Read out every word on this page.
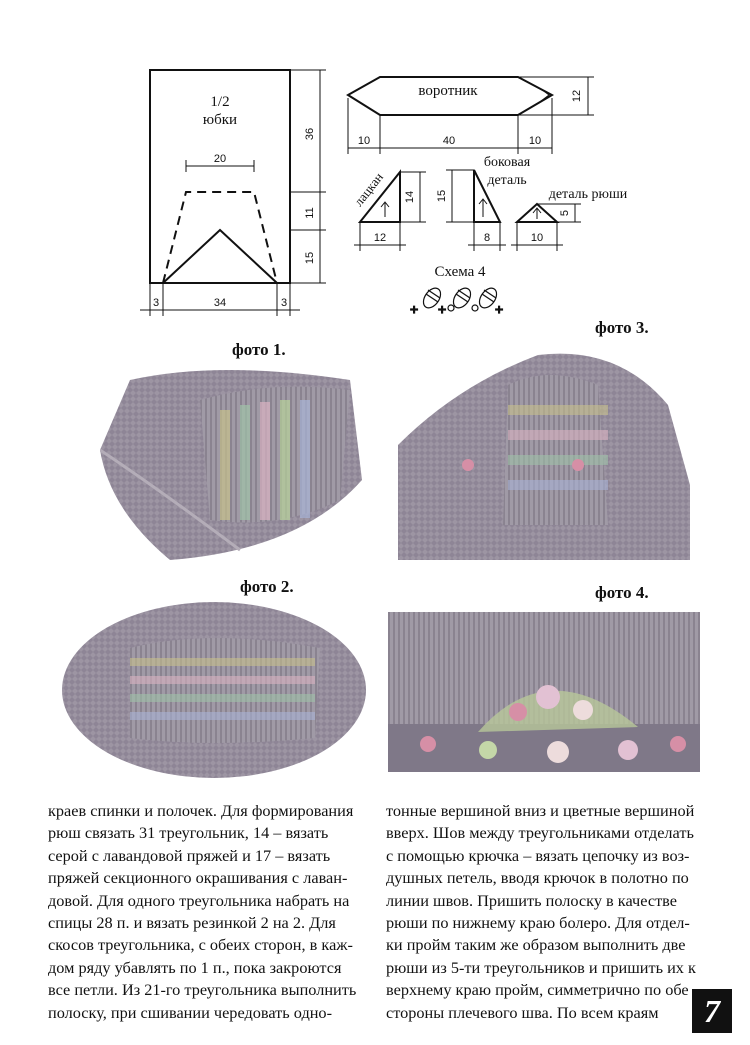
1/2
юбки
20
36
11
15
3	34	3
воротник
10	40	10
12
лацкан 14
12
боковая
деталь
15
8
деталь рюши
5
10
Схема 4
+ +	+
фото 1.
фото 3.
фото 2.	фото 4.

краев спинки и полочек. Для формирования

рюш связать 31 треугольник, 14 – вязать

серой с лавандовой пряжей и 17 – вязать

пряжей секционного окрашивания с лаван-

довой. Для одного треугольника набрать на

спицы 28 п. и вязать резинкой 2 на 2. Для

скосов треугольника, с обеих сторон, в каж-

дом ряду убавлять по 1 п., пока закроются

все петли. Из 21-го треугольника выполнить

полоску, при сшивании чередовать одно-

тонные вершиной вниз и цветные вершиной

вверх. Шов между треугольниками отделать

с помощью крючка – вязать цепочку из воз-

душных петель, вводя крючок в полотно по

линии швов. Пришить полоску в качестве

рюши по нижнему краю болеро. Для отдел-

ки пройм таким же образом выполнить две

рюши из 5-ти треугольников и пришить их к

верхнему краю пройм, симметрично по обе

стороны плечевого шва. По всем краям	7
